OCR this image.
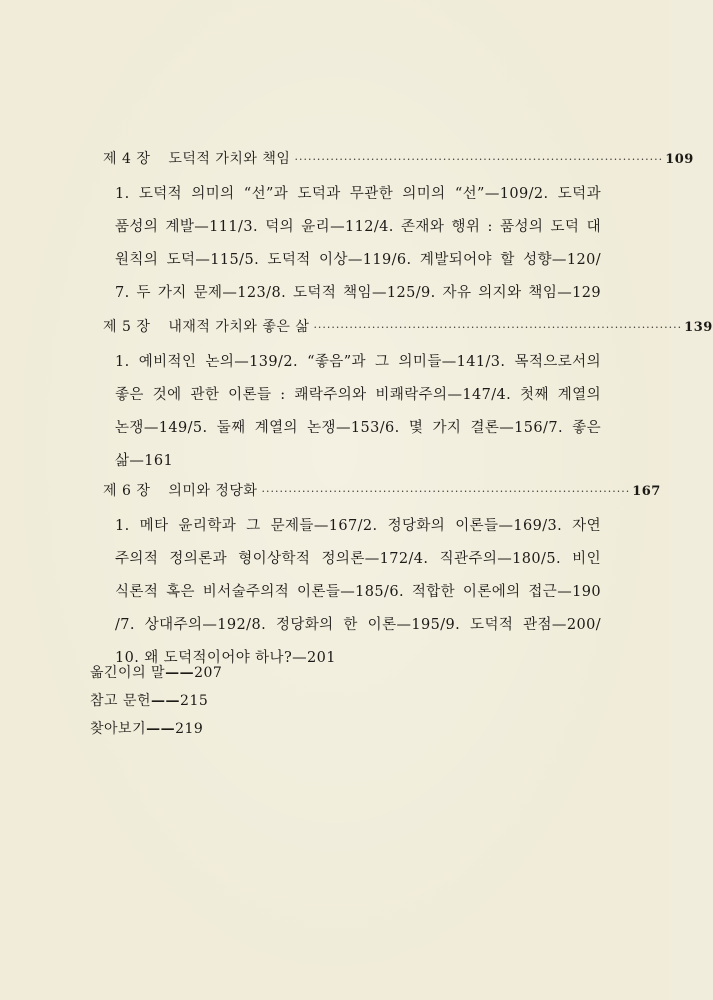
제 4 장 도덕적 가치와 책임 ·················································································· 109
1. 도덕적 의미의 “선”과 도덕과 무관한 의미의 “선”—109/2. 도덕과
품성의 계발—111/3. 덕의 윤리—112/4. 존재와 행위 : 품성의 도덕 대
원칙의 도덕—115/5. 도덕적 이상—119/6. 계발되어야 할 성향—120/
7. 두 가지 문제—123/8. 도덕적 책임—125/9. 자유 의지와 책임—129
제 5 장 내재적 가치와 좋은 삶 ·················································································· 139
1. 예비적인 논의—139/2. “좋음”과 그 의미들—141/3. 목적으로서의
좋은 것에 관한 이론들 : 쾌락주의와 비쾌락주의—147/4. 첫째 계열의
논쟁—149/5. 둘째 계열의 논쟁—153/6. 몇 가지 결론—156/7. 좋은
삶—161
제 6 장 의미와 정당화 ·················································································· 167
1. 메타 윤리학과 그 문제들—167/2. 정당화의 이론들—169/3. 자연
주의적 정의론과 형이상학적 정의론—172/4. 직관주의—180/5. 비인
식론적 혹은 비서술주의적 이론들—185/6. 적합한 이론에의 접근—190
/7. 상대주의—192/8. 정당화의 한 이론—195/9. 도덕적 관점—200/
10. 왜 도덕적이어야 하나?—201
옮긴이의 말——207
참고 문헌——215
찾아보기——219
